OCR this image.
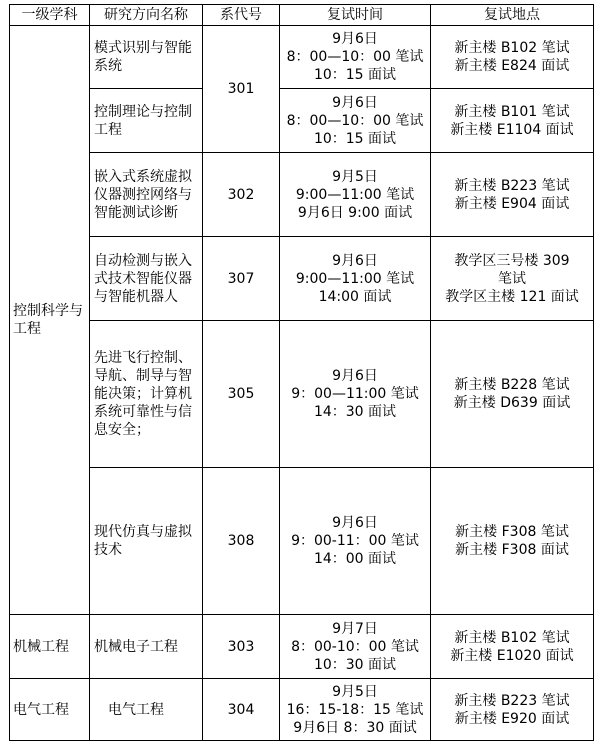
一级学科	研究方向名称	系代号	复试时间	复试地点
控制科学与工程	模式识别与智能系统	301	9月6日
8：00—10：00 笔试
10：15 面试	新主楼 B102 笔试
新主楼 E824 面试

	控制理论与控制工程		9月6日
8：00—10：00 笔试
10：15 面试	新主楼 B101 笔试
新主楼 E1104 面试

	嵌入式系统虚拟仪器测控网络与智能测试诊断	302	9月5日
9:00—11:00 笔试
9月6日 9:00 面试	新主楼 B223 笔试
新主楼 E904 面试

	自动检测与嵌入式技术智能仪器与智能机器人	307	9月6日
9:00—11:00 笔试
14:00 面试	教学区三号楼 309
笔试
教学区主楼 121 面试

	先进飞行控制、导航、制导与智能决策；计算机系统可靠性与信息安全；	305	9月6日
9：00—11:00 笔试
14：30 面试	新主楼 B228 笔试
新主楼 D639 面试

	现代仿真与虚拟技术	308	9月6日
9：00-11：00 笔试
14：00 面试	新主楼 F308 笔试
新主楼 F308 面试

机械工程	机械电子工程	303	9月7日
8：00-10：00 笔试
10：30 面试	新主楼 B102 笔试
新主楼 E1020 面试

电气工程	电气工程	304	9月5日
16：15-18：15 笔试
9月6日 8：30 面试	新主楼 B223 笔试
新主楼 E920 面试
